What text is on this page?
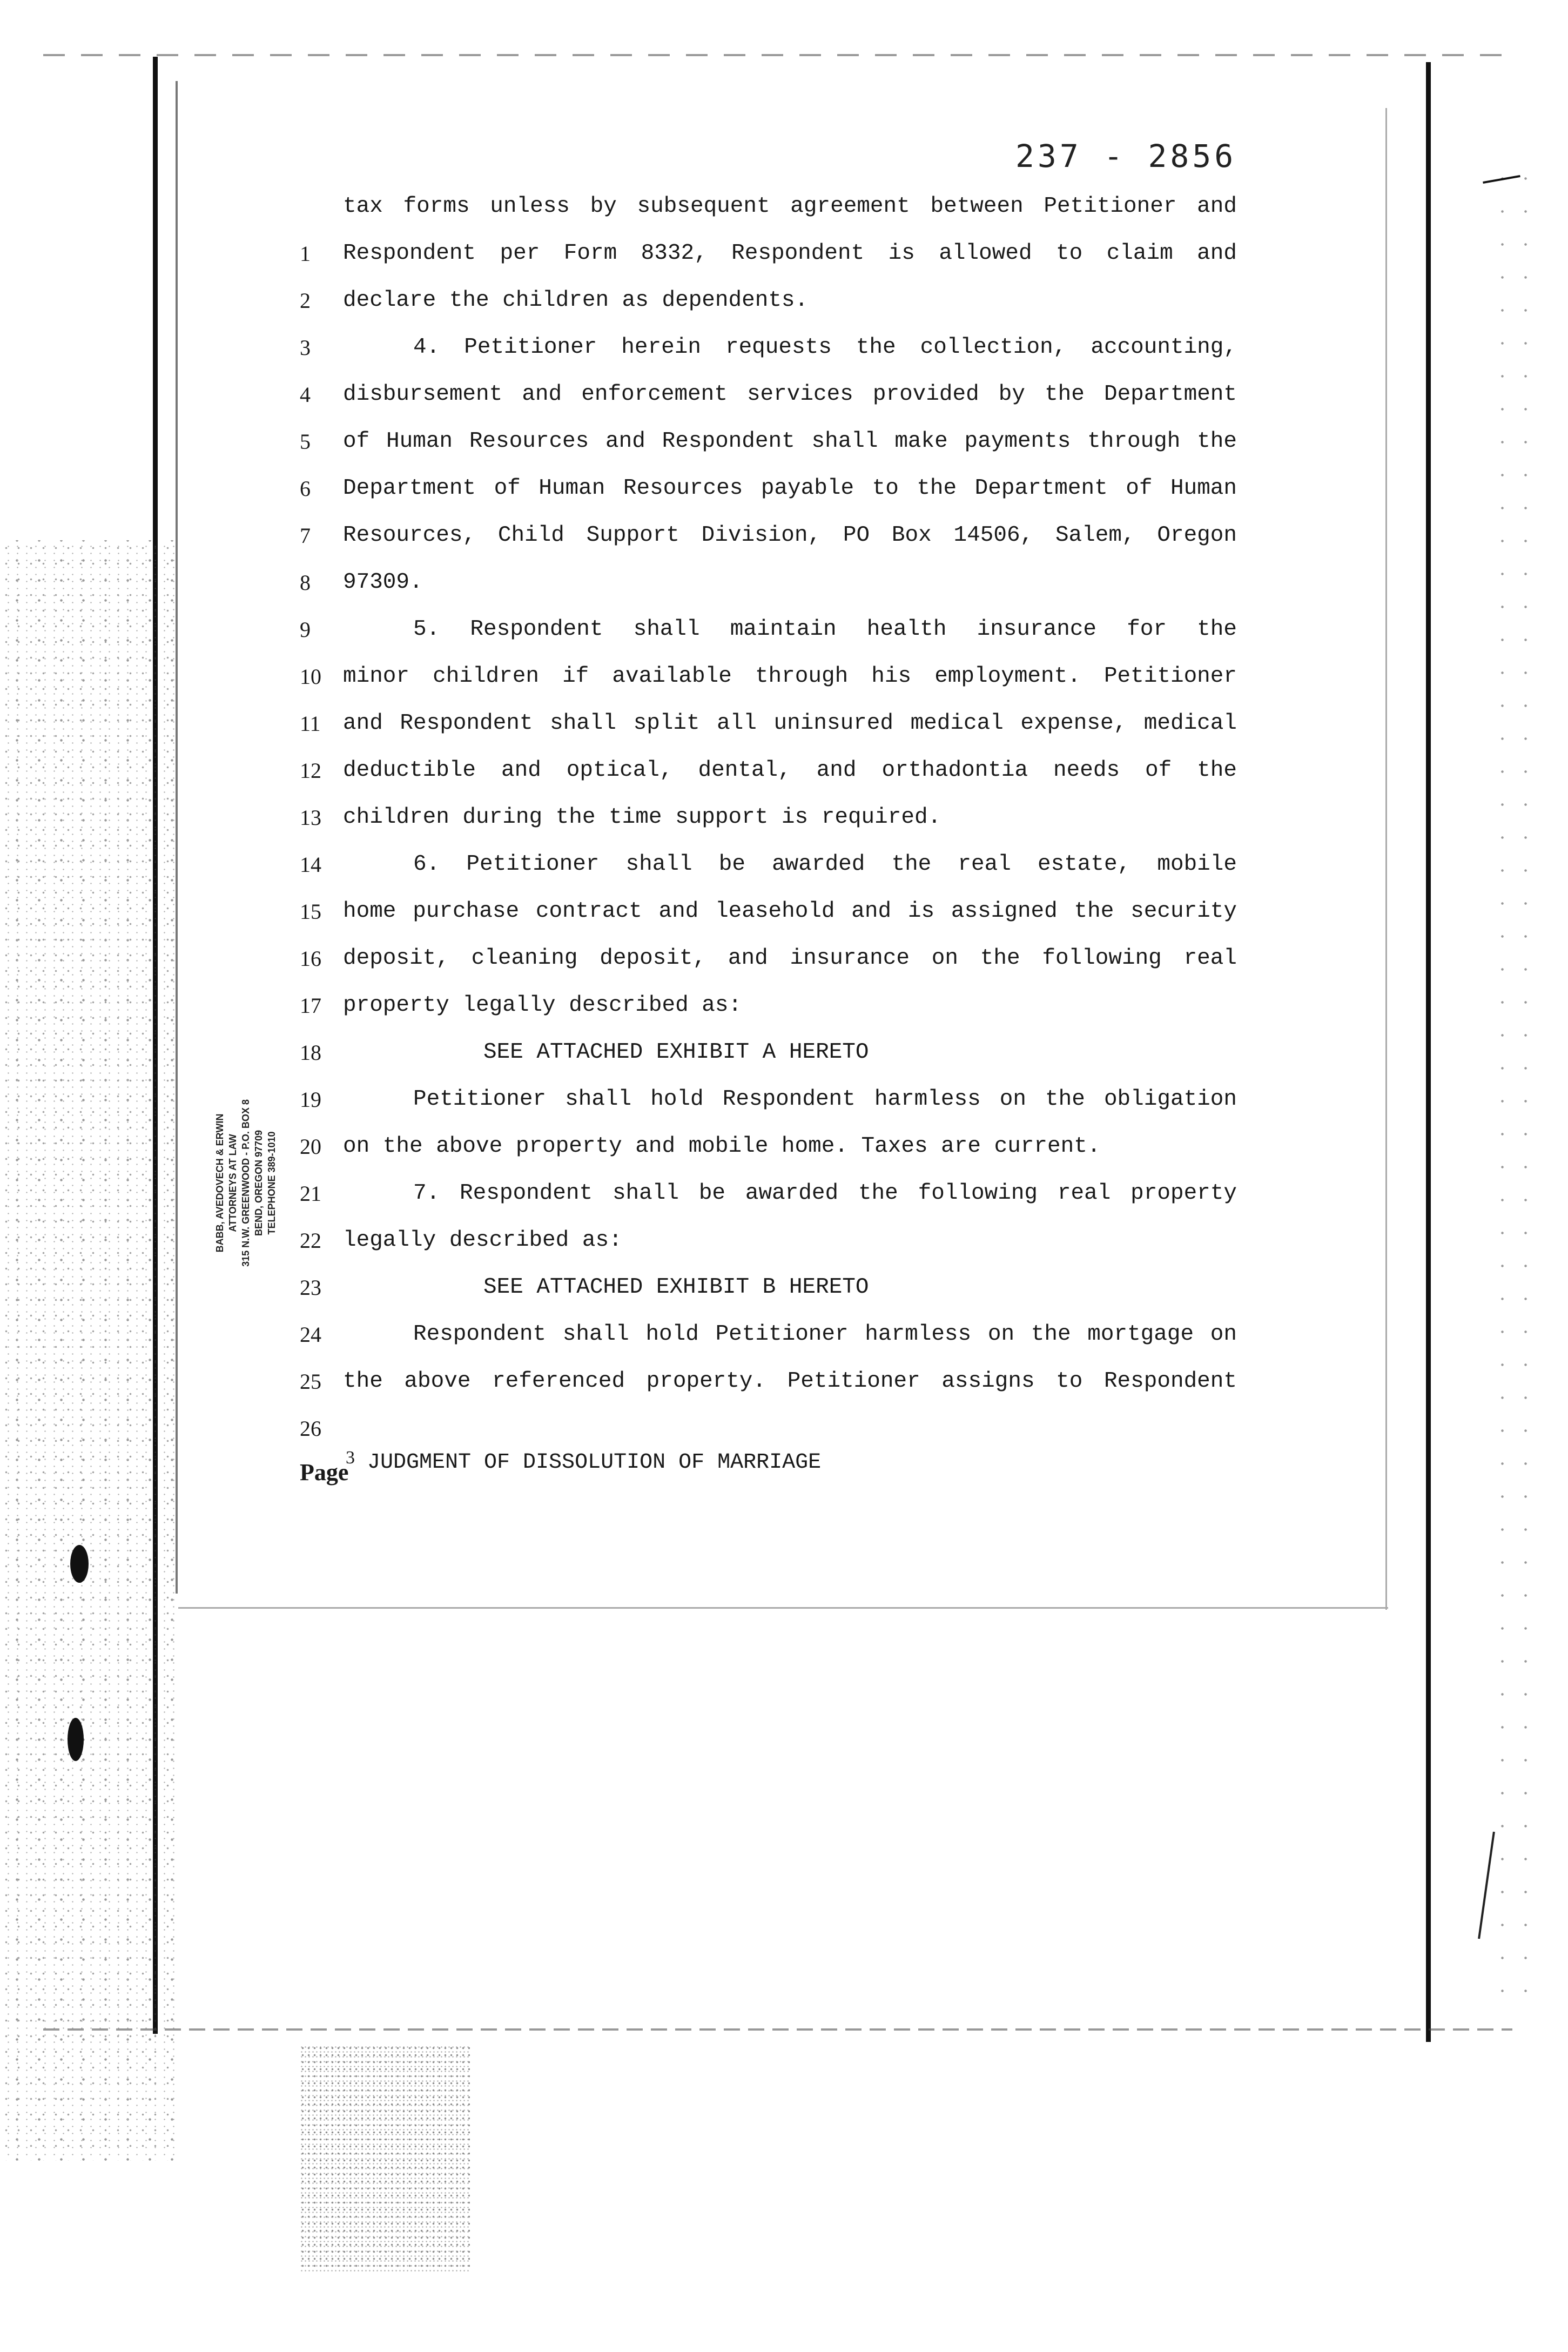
237 - 2856
tax forms unless by subsequent agreement between Petitioner and
1	Respondent per Form 8332, Respondent is allowed to claim and
2	declare the children as dependents.
3	4. Petitioner herein requests the collection, accounting,
4	disbursement and enforcement services provided by the Department
5	of Human Resources and Respondent shall make payments through the
6	Department of Human Resources payable to the Department of Human
7	Resources, Child Support Division, PO Box 14506, Salem, Oregon
8	97309.
9	5. Respondent shall maintain health insurance for the
10 minor children if available through his employment. Petitioner
11 and Respondent shall split all uninsured medical expense, medical
12 deductible and optical, dental, and orthadontia needs of the
13 children during the time support is required.
14	6. Petitioner shall be awarded the real estate, mobile
15 home purchase contract and leasehold and is assigned the security
16 deposit, cleaning deposit, and insurance on the following real
17 property legally described as:
18	SEE ATTACHED EXHIBIT A HERETO
19	Petitioner shall hold Respondent harmless on the obligation
20 on the above property and mobile home. Taxes are current.
21	7. Respondent shall be awarded the following real property
22 legally described as:
23	SEE ATTACHED EXHIBIT B HERETO
24	Respondent shall hold Petitioner harmless on the mortgage on
25 the above referenced property. Petitioner assigns to Respondent
26
BABB, AVEDOVECH & ERWIN ATTORNEYS AT LAW 315 N.W. GREENWOOD - P.O. BOX 8 BEND, OREGON 97709 TELEPHONE 389-1010
Page
3 JUDGMENT OF DISSOLUTION OF MARRIAGE
